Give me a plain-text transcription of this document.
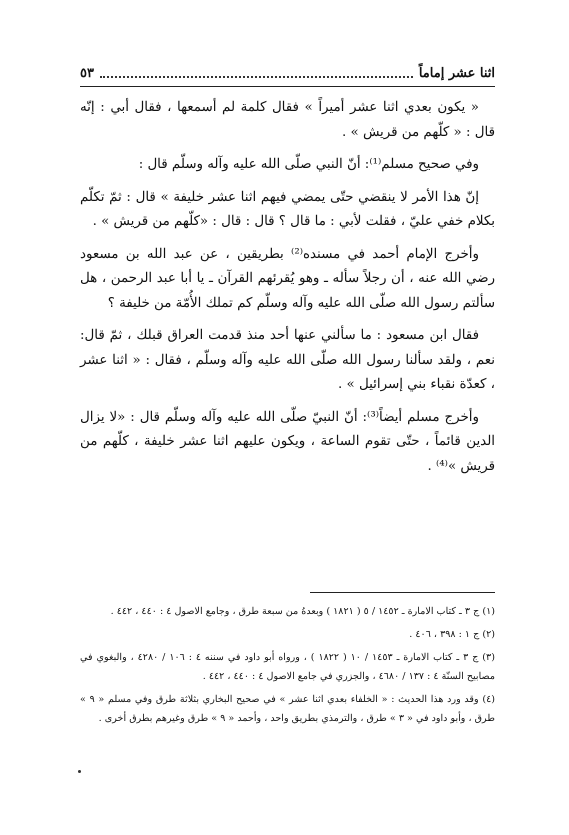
اثنا عشر إماماً
٥٣

« يكون بعدي اثنا عشر أميراً » فقال كلمة لم أسمعها ، فقال أبي : إنّه قال : « كلّهم من قريش » .

وفي صحيح مسلم⁽¹⁾: أنّ النبي صلّى الله عليه وآله وسلّم قال :

إنّ هذا الأمر لا ينقضي حتّى يمضي فيهم اثنا عشر خليفة » قال : ثمّ تكلّم بكلام خفي عليّ ، فقلت لأبي : ما قال ؟ قال : قال : «كلّهم من قريش » .

وأخرج الإمام أحمد في مسنده⁽²⁾ بطريقين ، عن عبد الله بن مسعود رضي الله عنه ، أن رجلاً سأله ـ وهو يُقرئهم القرآن ـ يا أبا عبد الرحمن ، هل سألتم رسول الله صلّى الله عليه وآله وسلّم كم تملك الأُمّة من خليفة ؟

فقال ابن مسعود : ما سألني عنها أحد منذ قدمت العراق قبلك ، ثمّ قال: نعم ، ولقد سألنا رسول الله صلّى الله عليه وآله وسلّم ، فقال : « اثنا عشر ، كعدّة نقباء بني إسرائيل » .

وأخرج مسلم أيضاً⁽³⁾: أنّ النبيّ صلّى الله عليه وآله وسلّم قال : «لا يزال الدين قائماً ، حتّى تقوم الساعة ، ويكون عليهم اثنا عشر خليفة ، كلّهم من قريش »⁽⁴⁾ .

(١) ج ٣ ـ كتاب الامارة ـ ١٤٥٢ / ٥ ( ١٨٢١ ) وبعدهُ من سبعة طرق ، وجامع الاصول ٤ : ٤٤٠ ، ٤٤٢ .

(٢) ج ١ : ٣٩٨ ، ٤٠٦ .

(٣) ج ٣ ـ كتاب الامارة ـ ١٤٥٣ / ١٠ ( ١٨٢٢ ) ، ورواه أبو داود في سننه ٤ : ١٠٦ / ٤٢٨٠ ، والبغوي في مصابيح السنّة ٤ : ١٣٧ / ٤٦٨٠ ، والجزري في جامع الاصول ٤ : ٤٤٠ ، ٤٤٢ .

(٤) وقد ورد هذا الحديث : « الخلفاء بعدي اثنا عشر » في صحيح البخاري بثلاثة طرق وفي مسلم « ٩ » طرق ، وأبو داود في « ٣ » طرق ، والترمذي بطريق واحد ، وأحمد « ٩ » طرق وغيرهم بطرق أخرى .
